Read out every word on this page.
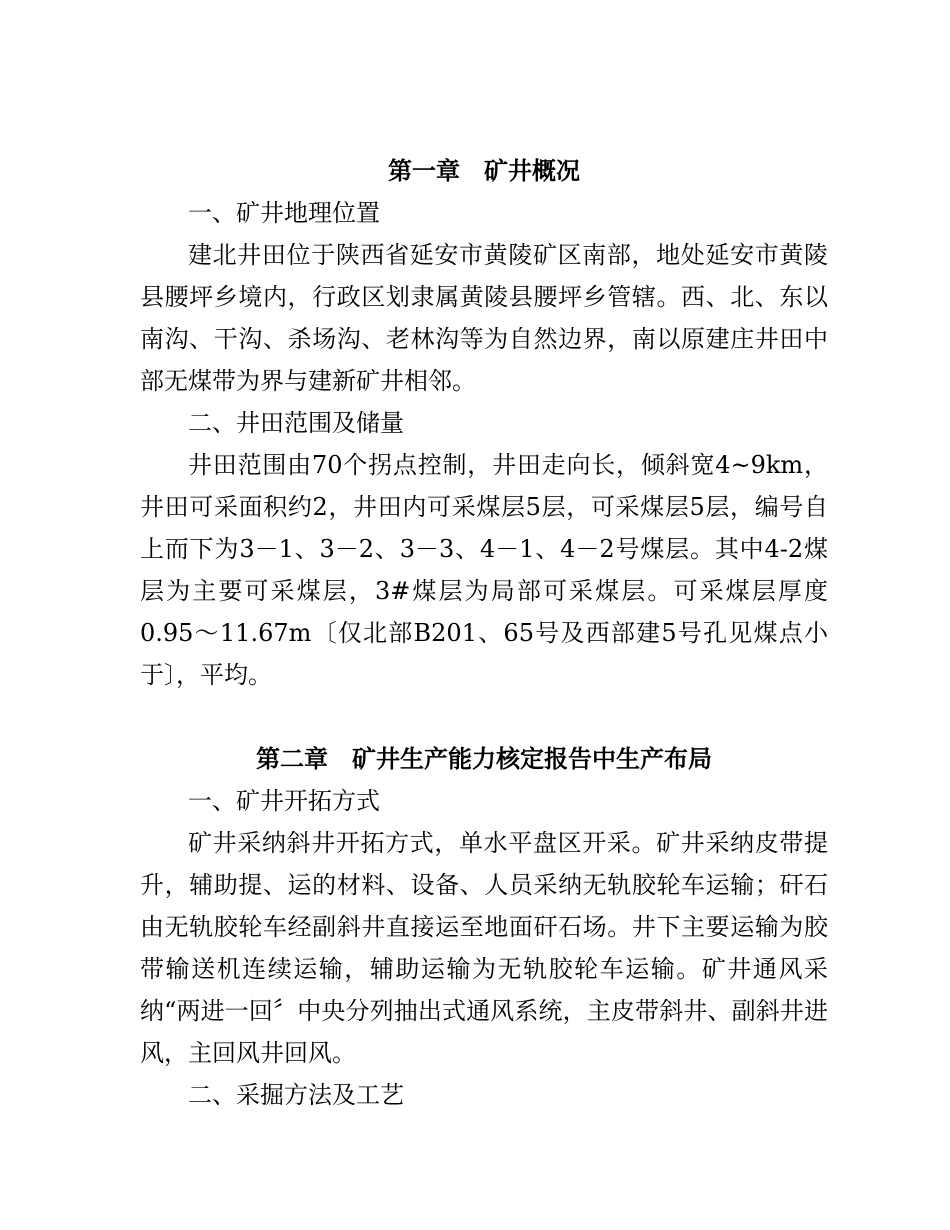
第一章　矿井概况

一、矿井地理位置

建北井田位于陕西省延安市黄陵矿区南部，地处延安市黄陵县腰坪乡境内，行政区划隶属黄陵县腰坪乡管辖。西、北、东以南沟、干沟、杀场沟、老林沟等为自然边界，南以原建庄井田中部无煤带为界与建新矿井相邻。

二、井田范围及储量

井田范围由70个拐点控制，井田走向长，倾斜宽4~9km，井田可采面积约2，井田内可采煤层5层，可采煤层5层，编号自上而下为3－1、3－2、3－3、4－1、4－2号煤层。其中4-2煤层为主要可采煤层，3#煤层为局部可采煤层。可采煤层厚度0.95～11.67m〔仅北部B201、65号及西部建5号孔见煤点小于〕，平均。

第二章　矿井生产能力核定报告中生产布局

一、矿井开拓方式

矿井采纳斜井开拓方式，单水平盘区开采。矿井采纳皮带提升，辅助提、运的材料、设备、人员采纳无轨胶轮车运输；矸石由无轨胶轮车经副斜井直接运至地面矸石场。井下主要运输为胶带输送机连续运输，辅助运输为无轨胶轮车运输。矿井通风采纳“两进一回〞中央分列抽出式通风系统，主皮带斜井、副斜井进风，主回风井回风。

二、采掘方法及工艺
